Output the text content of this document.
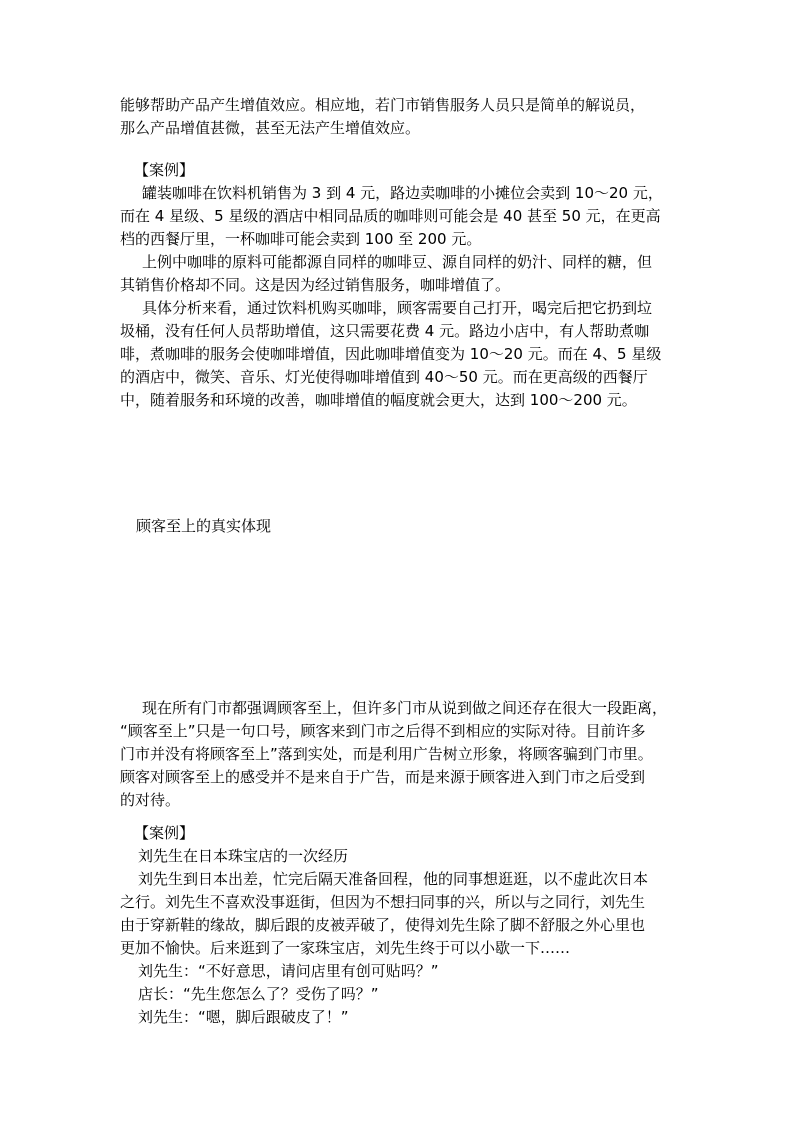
能够帮助产品产生增值效应。相应地，若门市销售服务人员只是简单的解说员，
那么产品增值甚微，甚至无法产生增值效应。
【案例】
罐装咖啡在饮料机销售为 3 到 4 元，路边卖咖啡的小摊位会卖到 10～20 元，
而在 4 星级、5 星级的酒店中相同品质的咖啡则可能会是 40 甚至 50 元，在更高
档的西餐厅里，一杯咖啡可能会卖到 100 至 200 元。
上例中咖啡的原料可能都源自同样的咖啡豆、源自同样的奶汁、同样的糖，但
其销售价格却不同。这是因为经过销售服务，咖啡增值了。
具体分析来看，通过饮料机购买咖啡，顾客需要自己打开，喝完后把它扔到垃
圾桶，没有任何人员帮助增值，这只需要花费 4 元。路边小店中，有人帮助煮咖
啡，煮咖啡的服务会使咖啡增值，因此咖啡增值变为 10～20 元。而在 4、5 星级
的酒店中，微笑、音乐、灯光使得咖啡增值到 40～50 元。而在更高级的西餐厅
中，随着服务和环境的改善，咖啡增值的幅度就会更大，达到 100～200 元。
顾客至上的真实体现
现在所有门市都强调顾客至上，但许多门市从说到做之间还存在很大一段距离，
“顾客至上”只是一句口号，顾客来到门市之后得不到相应的实际对待。目前许多
门市并没有将顾客至上”落到实处，而是利用广告树立形象，将顾客骗到门市里。
顾客对顾客至上的感受并不是来自于广告，而是来源于顾客进入到门市之后受到
的对待。
【案例】
刘先生在日本珠宝店的一次经历
刘先生到日本出差，忙完后隔天准备回程，他的同事想逛逛，以不虚此次日本
之行。刘先生不喜欢没事逛街，但因为不想扫同事的兴，所以与之同行，刘先生
由于穿新鞋的缘故，脚后跟的皮被弄破了，使得刘先生除了脚不舒服之外心里也
更加不愉快。后来逛到了一家珠宝店，刘先生终于可以小歇一下……
刘先生：“不好意思，请问店里有创可贴吗？”
店长：“先生您怎么了？受伤了吗？”
刘先生：“嗯，脚后跟破皮了！”
